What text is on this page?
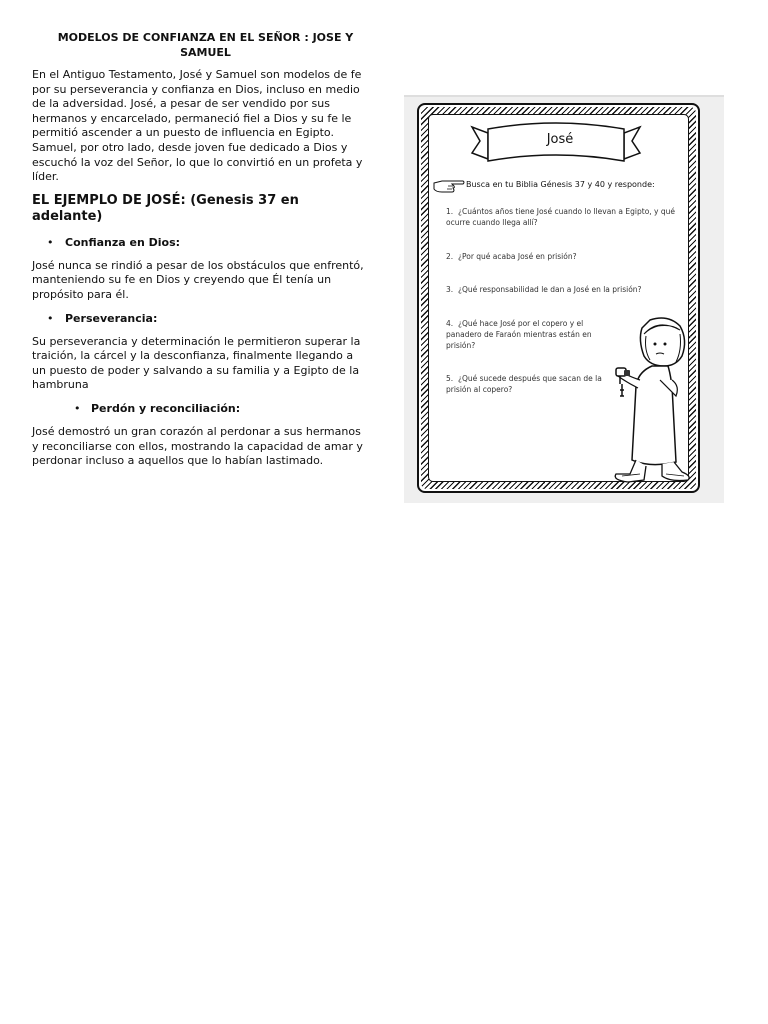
MODELOS DE CONFIANZA EN EL SEÑOR : JOSE Y SAMUEL

En el Antiguo Testamento, José y Samuel son modelos de fe por su perseverancia y confianza en Dios, incluso en medio de la adversidad. José, a pesar de ser vendido por sus hermanos y encarcelado, permaneció fiel a Dios y su fe le permitió ascender a un puesto de influencia en Egipto. Samuel, por otro lado, desde joven fue dedicado a Dios y escuchó la voz del Señor, lo que lo convirtió en un profeta y líder.

EL EJEMPLO DE JOSÉ: (Genesis 37 en adelante)
• Confianza en Dios:

José nunca se rindió a pesar de los obstáculos que enfrentó, manteniendo su fe en Dios y creyendo que Él tenía un propósito para él.

• Perseverancia:

Su perseverancia y determinación le permitieron superar la traición, la cárcel y la desconfianza, finalmente llegando a un puesto de poder y salvando a su familia y a Egipto de la hambruna

• Perdón y reconciliación:

José demostró un gran corazón al perdonar a sus hermanos y reconciliarse con ellos, mostrando la capacidad de amar y perdonar incluso a aquellos que lo habían lastimado.

José
Busca en tu Biblia Génesis 37 y 40 y responde:
1. ¿Cuántos años tiene José cuando lo llevan a Egipto, y qué ocurre cuando llega allí?
2. ¿Por qué acaba José en prisión?
3. ¿Qué responsabilidad le dan a José en la prisión?
4. ¿Qué hace José por el copero y el panadero de Faraón mientras están en prisión?
5. ¿Qué sucede después que sacan de la prisión al copero?
